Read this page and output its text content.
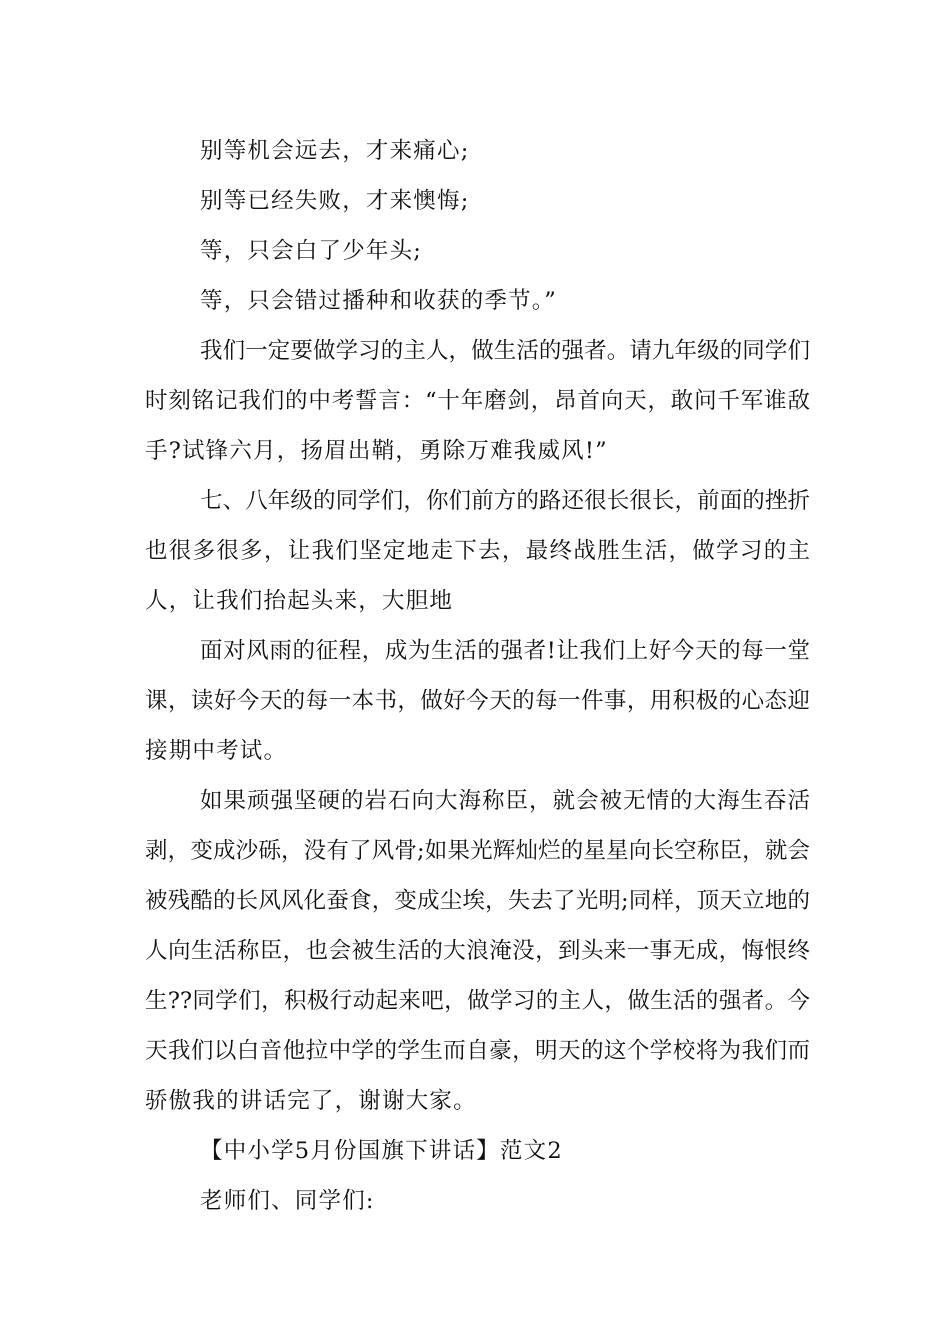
别等机会远去，才来痛心;
别等已经失败，才来懊悔;
等，只会白了少年头;
等，只会错过播种和收获的季节。”
我们一定要做学习的主人，做生活的强者。请九年级的同学们
时刻铭记我们的中考誓言：“十年磨剑，昂首向天，敢问千军谁敌
手?试锋六月，扬眉出鞘，勇除万难我威风!”
七、八年级的同学们，你们前方的路还很长很长，前面的挫折
也很多很多，让我们坚定地走下去，最终战胜生活，做学习的主
人，让我们抬起头来，大胆地
面对风雨的征程，成为生活的强者!让我们上好今天的每一堂
课，读好今天的每一本书，做好今天的每一件事，用积极的心态迎
接期中考试。
如果顽强坚硬的岩石向大海称臣，就会被无情的大海生吞活
剥，变成沙砾，没有了风骨;如果光辉灿烂的星星向长空称臣，就会
被残酷的长风风化蚕食，变成尘埃，失去了光明;同样，顶天立地的
人向生活称臣，也会被生活的大浪淹没，到头来一事无成，悔恨终
生??同学们，积极行动起来吧，做学习的主人，做生活的强者。今
天我们以白音他拉中学的学生而自豪，明天的这个学校将为我们而
骄傲我的讲话完了，谢谢大家。
【中小学5月份国旗下讲话】范文2
老师们、同学们:
